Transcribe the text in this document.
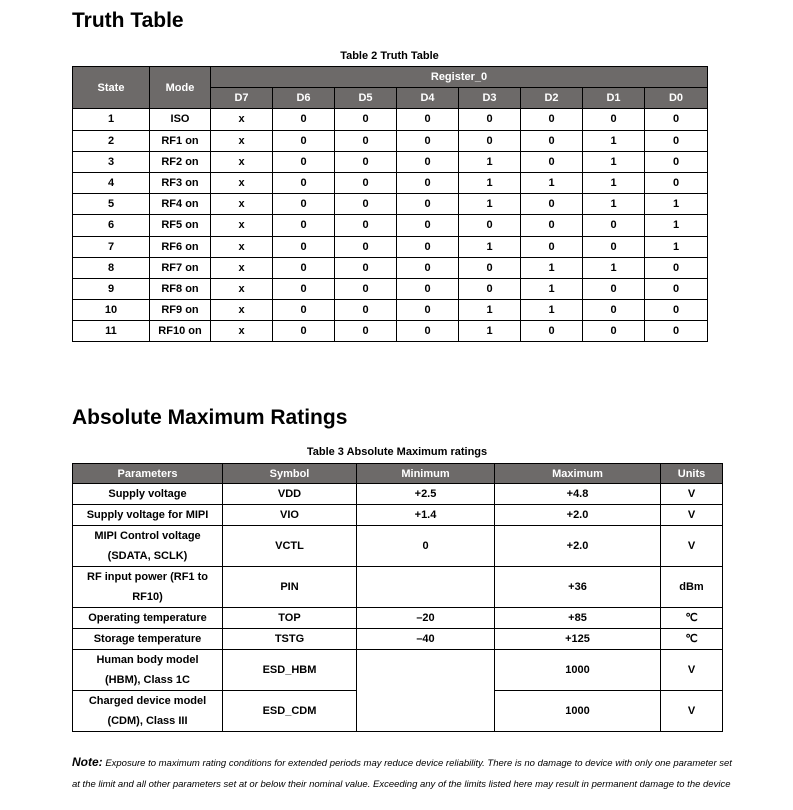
Truth Table
Table 2 Truth Table
State	Mode	Register_0							
		D7	D6	D5	D4	D3	D2	D1	D0
1	ISO	x	0	0	0	0	0	0	0
2	RF1 on	x	0	0	0	0	0	1	0
3	RF2 on	x	0	0	0	1	0	1	0
4	RF3 on	x	0	0	0	1	1	1	0
5	RF4 on	x	0	0	0	1	0	1	1
6	RF5 on	x	0	0	0	0	0	0	1
7	RF6 on	x	0	0	0	1	0	0	1
8	RF7 on	x	0	0	0	0	1	1	0
9	RF8 on	x	0	0	0	0	1	0	0
10	RF9 on	x	0	0	0	1	1	0	0
11	RF10 on	x	0	0	0	1	0	0	0
Absolute Maximum Ratings
Table 3 Absolute Maximum ratings
Parameters	Symbol	Minimum	Maximum	Units
Supply voltage	VDD	+2.5	+4.8	V
Supply voltage for MIPI	VIO	+1.4	+2.0	V
MIPI Control voltage
(SDATA, SCLK)	VCTL	0	+2.0	V
RF input power (RF1 to
RF10)	PIN		+36	dBm
Operating temperature	TOP	–20	+85	℃
Storage temperature	TSTG	–40	+125	℃
Human body model
(HBM), Class 1C	ESD_HBM		1000	V
Charged device model
(CDM), Class III	ESD_CDM		1000	V
Note: Exposure to maximum rating conditions for extended periods may reduce device reliability. There is no damage to device with only one parameter set at the limit and all other parameters set at or below their nominal value. Exceeding any of the limits listed here may result in permanent damage to the device
